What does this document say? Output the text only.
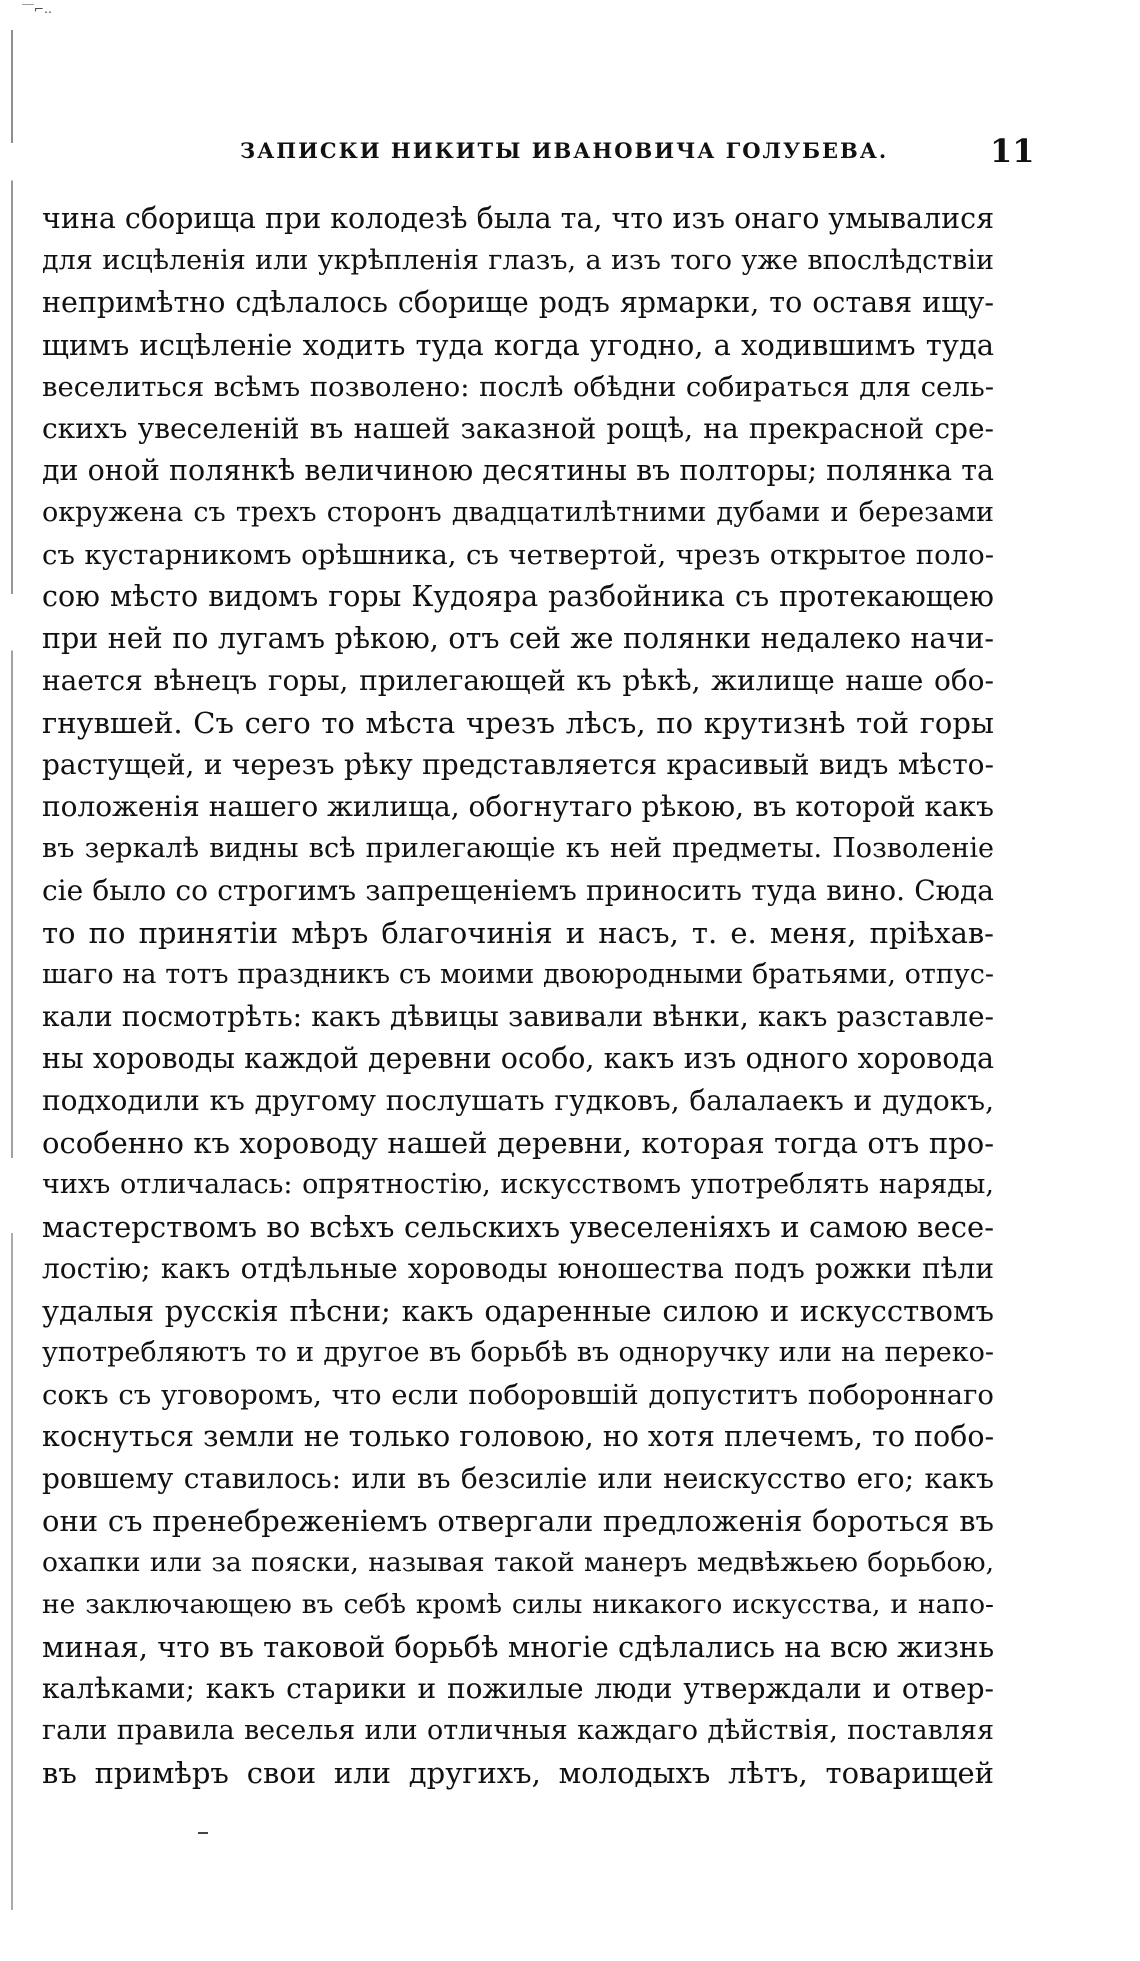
‾‾⌐‥
ЗАПИСКИ НИКИТЫ ИВАНОВИЧА ГОЛУБЕВА.	11
чина сборища при колодезѣ была та, что изъ онаго умывалися
для исцѣленія или укрѣпленія глазъ, а изъ того уже впослѣдствіи
непримѣтно сдѣлалось сборище родъ ярмарки, то оставя ищу-
щимъ исцѣленіе ходить туда когда угодно, а ходившимъ туда
веселиться всѣмъ позволено: послѣ обѣдни собираться для сель-
скихъ увеселеній въ нашей заказной рощѣ, на прекрасной сре-
ди оной полянкѣ величиною десятины въ полторы; полянка та
окружена съ трехъ сторонъ двадцатилѣтними дубами и березами
съ кустарникомъ орѣшника, съ четвертой, чрезъ открытое поло-
сою мѣсто видомъ горы Кудояра разбойника съ протекающею
при ней по лугамъ рѣкою, отъ сей же полянки недалеко начи-
нается вѣнецъ горы, прилегающей къ рѣкѣ, жилище наше обо-
гнувшей. Съ сего то мѣста чрезъ лѣсъ, по крутизнѣ той горы
растущей, и черезъ рѣку представляется красивый видъ мѣсто-
положенія нашего жилища, обогнутаго рѣкою, въ которой какъ
въ зеркалѣ видны всѣ прилегающіе къ ней предметы. Позволеніе
сіе было со строгимъ запрещеніемъ приносить туда вино. Сюда
то по принятіи мѣръ благочинія и насъ, т. е. меня, пріѣхав-
шаго на тотъ праздникъ съ моими двоюродными братьями, отпус-
кали посмотрѣть: какъ дѣвицы завивали вѣнки, какъ разставле-
ны хороводы каждой деревни особо, какъ изъ одного хоровода
подходили къ другому послушать гудковъ, балалаекъ и дудокъ,
особенно къ хороводу нашей деревни, которая тогда отъ про-
чихъ отличалась: опрятностію, искусствомъ употреблять наряды,
мастерствомъ во всѣхъ сельскихъ увеселеніяхъ и самою весе-
лостію; какъ отдѣльные хороводы юношества подъ рожки пѣли
удалыя русскія пѣсни; какъ одаренные силою и искусствомъ
употребляютъ то и другое въ борьбѣ въ одноручку или на переко-
сокъ съ уговоромъ, что если поборовшій допуститъ побороннаго
коснуться земли не только головою, но хотя плечемъ, то побо-
ровшему ставилось: или въ безсиліе или неискусство его; какъ
они съ пренебреженіемъ отвергали предложенія бороться въ
охапки или за пояски, называя такой манеръ медвѣжьею борьбою,
не заключающею въ себѣ кромѣ силы никакого искусства, и напо-
миная, что въ таковой борьбѣ многіе сдѣлались на всю жизнь
калѣками; какъ старики и пожилые люди утверждали и отвер-
гали правила веселья или отличныя каждаго дѣйствія, поставляя
въ примѣръ свои или другихъ, молодыхъ лѣтъ, товарищей
